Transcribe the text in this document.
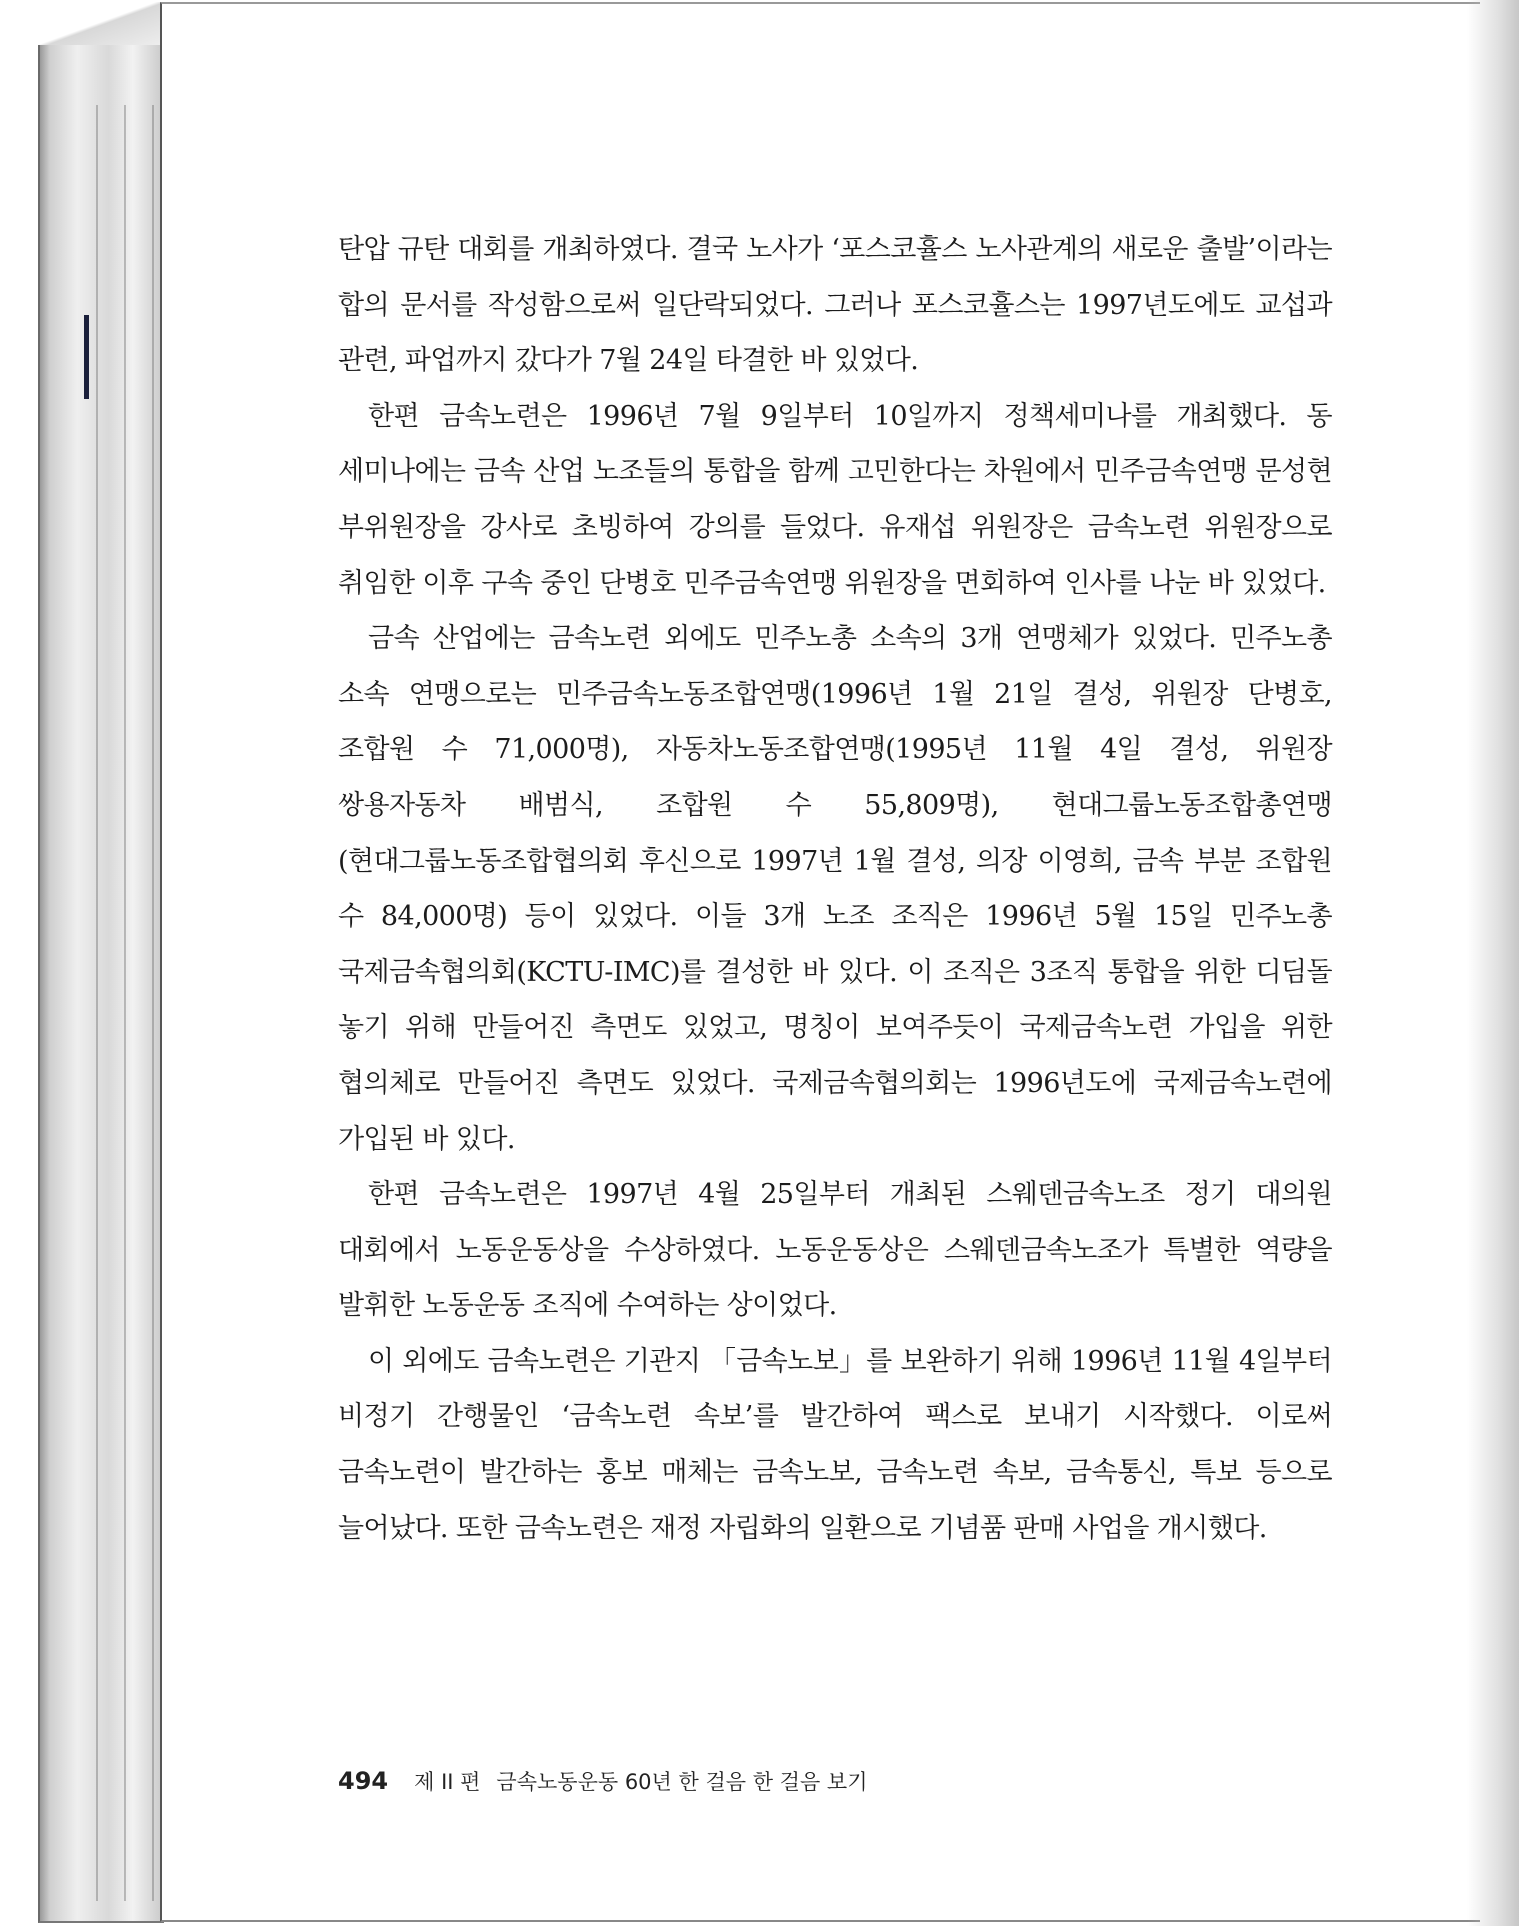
탄압 규탄 대회를 개최하였다. 결국 노사가 ‘포스코휼스 노사관계의 새로운 출발’이라는 합의 문서를 작성함으로써 일단락되었다. 그러나 포스코휼스는 1997년도에도 교섭과 관련, 파업까지 갔다가 7월 24일 타결한 바 있었다.

한편 금속노련은 1996년 7월 9일부터 10일까지 정책세미나를 개최했다. 동 세미나에는 금속 산업 노조들의 통합을 함께 고민한다는 차원에서 민주금속연맹 문성현 부위원장을 강사로 초빙하여 강의를 들었다. 유재섭 위원장은 금속노련 위원장으로 취임한 이후 구속 중인 단병호 민주금속연맹 위원장을 면회하여 인사를 나눈 바 있었다.

금속 산업에는 금속노련 외에도 민주노총 소속의 3개 연맹체가 있었다. 민주노총 소속 연맹으로는 민주금속노동조합연맹(1996년 1월 21일 결성, 위원장 단병호, 조합원 수 71,000명), 자동차노동조합연맹(1995년 11월 4일 결성, 위원장 쌍용자동차 배범식, 조합원 수 55,809명), 현대그룹노동조합총연맹(현대그룹노동조합협의회 후신으로 1997년 1월 결성, 의장 이영희, 금속 부분 조합원 수 84,000명) 등이 있었다. 이들 3개 노조 조직은 1996년 5월 15일 민주노총 국제금속협의회(KCTU-IMC)를 결성한 바 있다. 이 조직은 3조직 통합을 위한 디딤돌 놓기 위해 만들어진 측면도 있었고, 명칭이 보여주듯이 국제금속노련 가입을 위한 협의체로 만들어진 측면도 있었다. 국제금속협의회는 1996년도에 국제금속노련에 가입된 바 있다.

한편 금속노련은 1997년 4월 25일부터 개최된 스웨덴금속노조 정기 대의원 대회에서 노동운동상을 수상하였다. 노동운동상은 스웨덴금속노조가 특별한 역량을 발휘한 노동운동 조직에 수여하는 상이었다.

이 외에도 금속노련은 기관지 「금속노보」를 보완하기 위해 1996년 11월 4일부터 비정기 간행물인 ‘금속노련 속보’를 발간하여 팩스로 보내기 시작했다. 이로써 금속노련이 발간하는 홍보 매체는 금속노보, 금속노련 속보, 금속통신, 특보 등으로 늘어났다. 또한 금속노련은 재정 자립화의 일환으로 기념품 판매 사업을 개시했다.

494 제 II 편 금속노동운동 60년 한 걸음 한 걸음 보기
